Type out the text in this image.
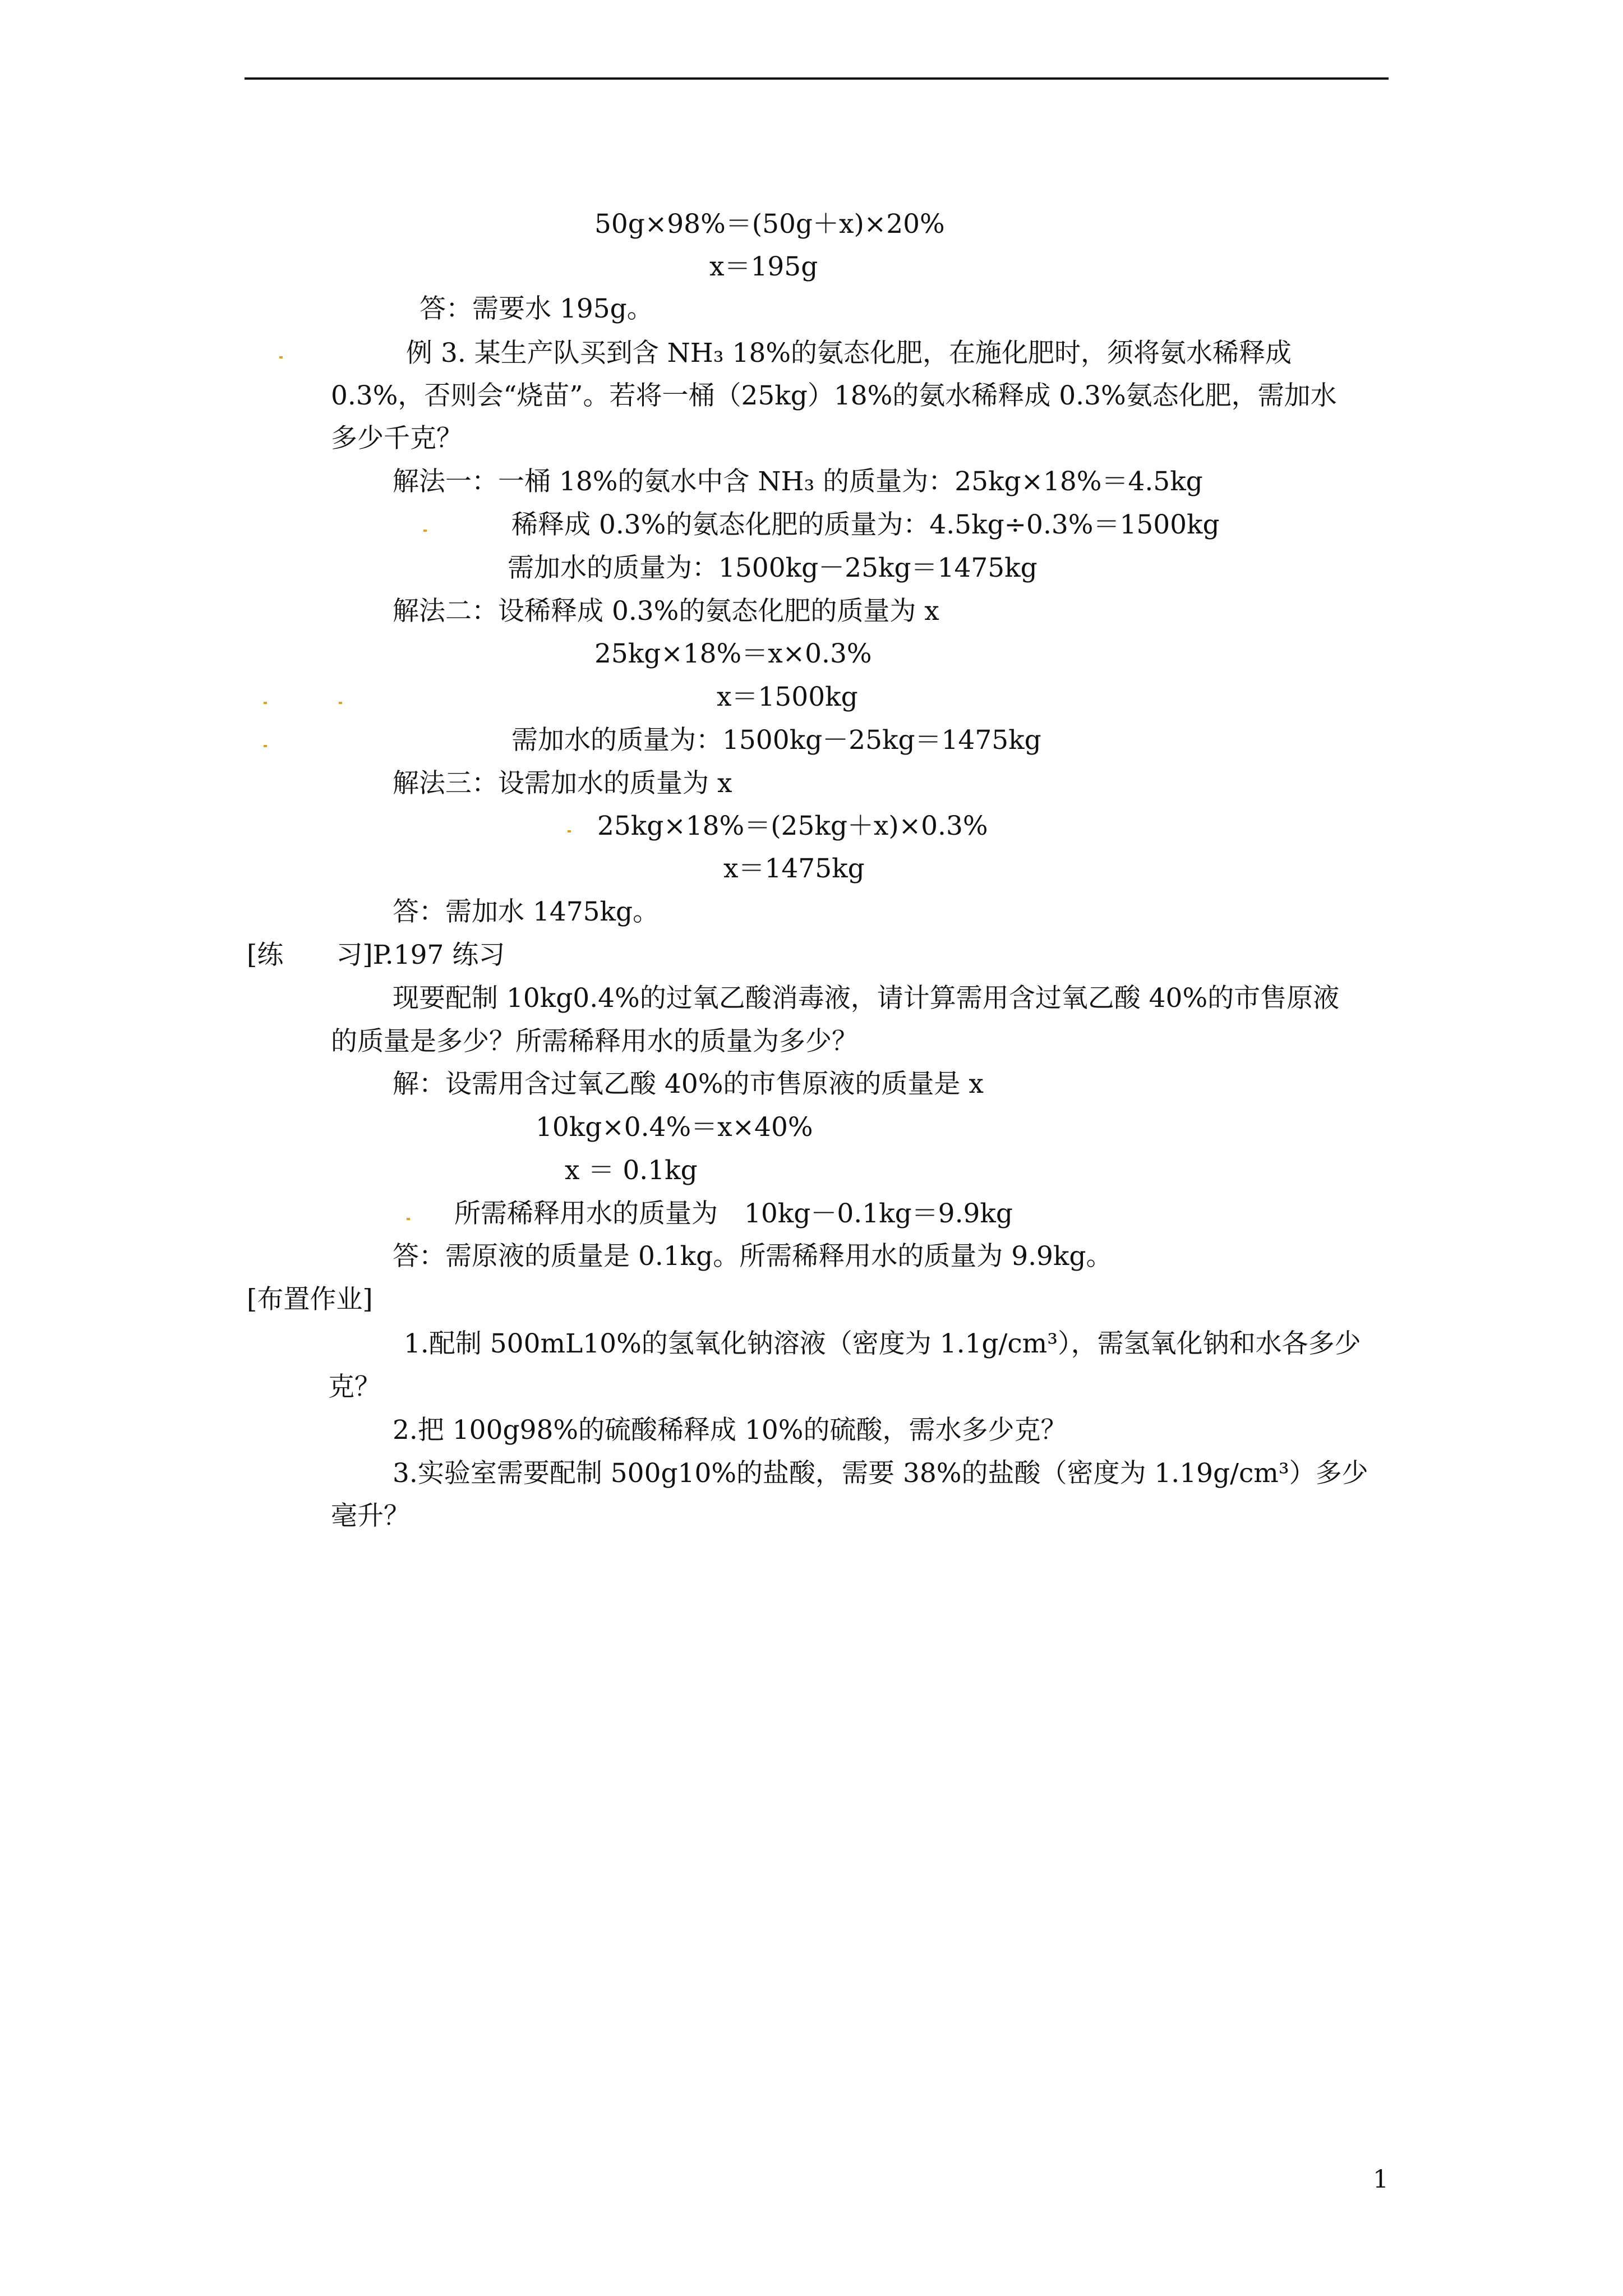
50g×98%＝(50g＋x)×20%
x＝195g
答：需要水 195g。
例 3. 某生产队买到含 NH₃ 18%的氨态化肥，在施化肥时，须将氨水稀释成
0.3%，否则会“烧苗”。若将一桶（25kg）18%的氨水稀释成 0.3%氨态化肥，需加水
多少千克？
解法一：一桶 18%的氨水中含 NH₃ 的质量为：25kg×18%＝4.5kg
稀释成 0.3%的氨态化肥的质量为：4.5kg÷0.3%＝1500kg
需加水的质量为：1500kg－25kg＝1475kg
解法二：设稀释成 0.3%的氨态化肥的质量为 x
25kg×18%＝x×0.3%
x＝1500kg
需加水的质量为：1500kg－25kg＝1475kg
解法三：设需加水的质量为 x
25kg×18%＝(25kg＋x)×0.3%
x＝1475kg
答：需加水 1475kg。
[练　　习]P.197 练习
现要配制 10kg0.4%的过氧乙酸消毒液，请计算需用含过氧乙酸 40%的市售原液
的质量是多少？所需稀释用水的质量为多少？
解：设需用含过氧乙酸 40%的市售原液的质量是 x
10kg×0.4%＝x×40%
x ＝ 0.1kg
所需稀释用水的质量为　10kg－0.1kg＝9.9kg
答：需原液的质量是 0.1kg。所需稀释用水的质量为 9.9kg。
[布置作业]
1.配制 500mL10%的氢氧化钠溶液（密度为 1.1g/cm³），需氢氧化钠和水各多少
克？
2.把 100g98%的硫酸稀释成 10%的硫酸，需水多少克？
3.实验室需要配制 500g10%的盐酸，需要 38%的盐酸（密度为 1.19g/cm³）多少
毫升？
1
